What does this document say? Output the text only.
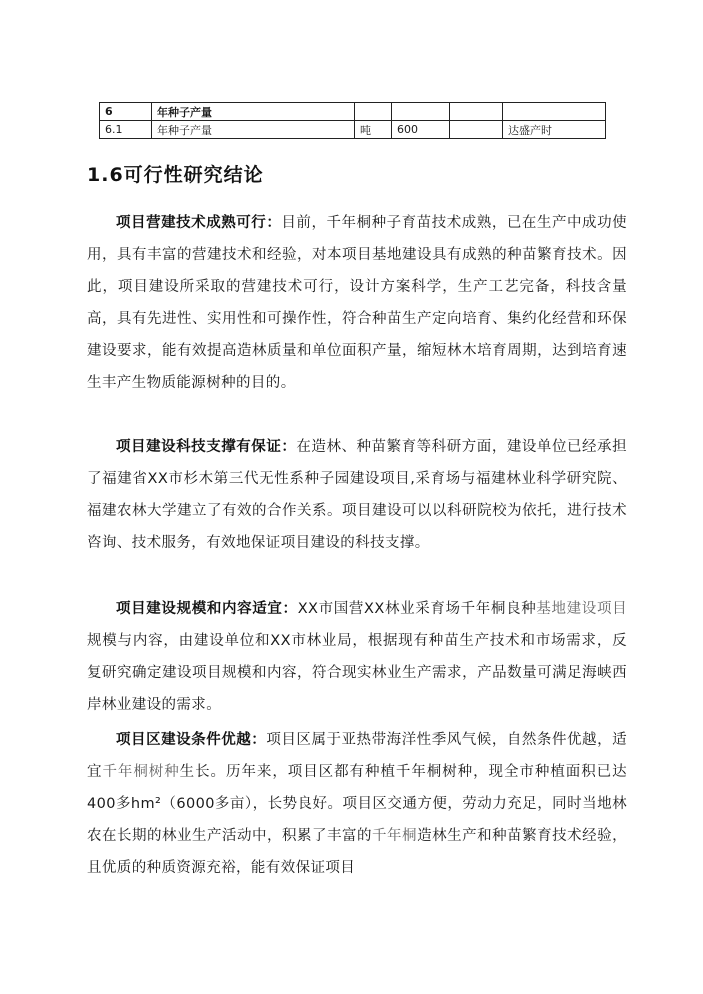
6	年种子产量				
6.1	年种子产量	吨	600		达盛产时
1.6可行性研究结论

项目营建技术成熟可行：目前，千年桐种子育苗技术成熟，已在生产中成功使用，具有丰富的营建技术和经验，对本项目基地建设具有成熟的种苗繁育技术。因此，项目建设所采取的营建技术可行，设计方案科学，生产工艺完备，科技含量高，具有先进性、实用性和可操作性，符合种苗生产定向培育、集约化经营和环保建设要求，能有效提高造林质量和单位面积产量，缩短林木培育周期，达到培育速生丰产生物质能源树种的目的。

项目建设科技支撑有保证：在造林、种苗繁育等科研方面，建设单位已经承担了福建省XX市杉木第三代无性系种子园建设项目,采育场与福建林业科学研究院、福建农林大学建立了有效的合作关系。项目建设可以以科研院校为依托，进行技术咨询、技术服务，有效地保证项目建设的科技支撑。

项目建设规模和内容适宜：XX市国营XX林业采育场千年桐良种基地建设项目规模与内容，由建设单位和XX市林业局，根据现有种苗生产技术和市场需求，反复研究确定建设项目规模和内容，符合现实林业生产需求，产品数量可满足海峡西岸林业建设的需求。

项目区建设条件优越：项目区属于亚热带海洋性季风气候，自然条件优越，适宜千年桐树种生长。历年来，项目区都有种植千年桐树种，现全市种植面积已达400多hm²（6000多亩），长势良好。项目区交通方便，劳动力充足，同时当地林农在长期的林业生产活动中，积累了丰富的千年桐造林生产和种苗繁育技术经验，且优质的种质资源充裕，能有效保证项目
